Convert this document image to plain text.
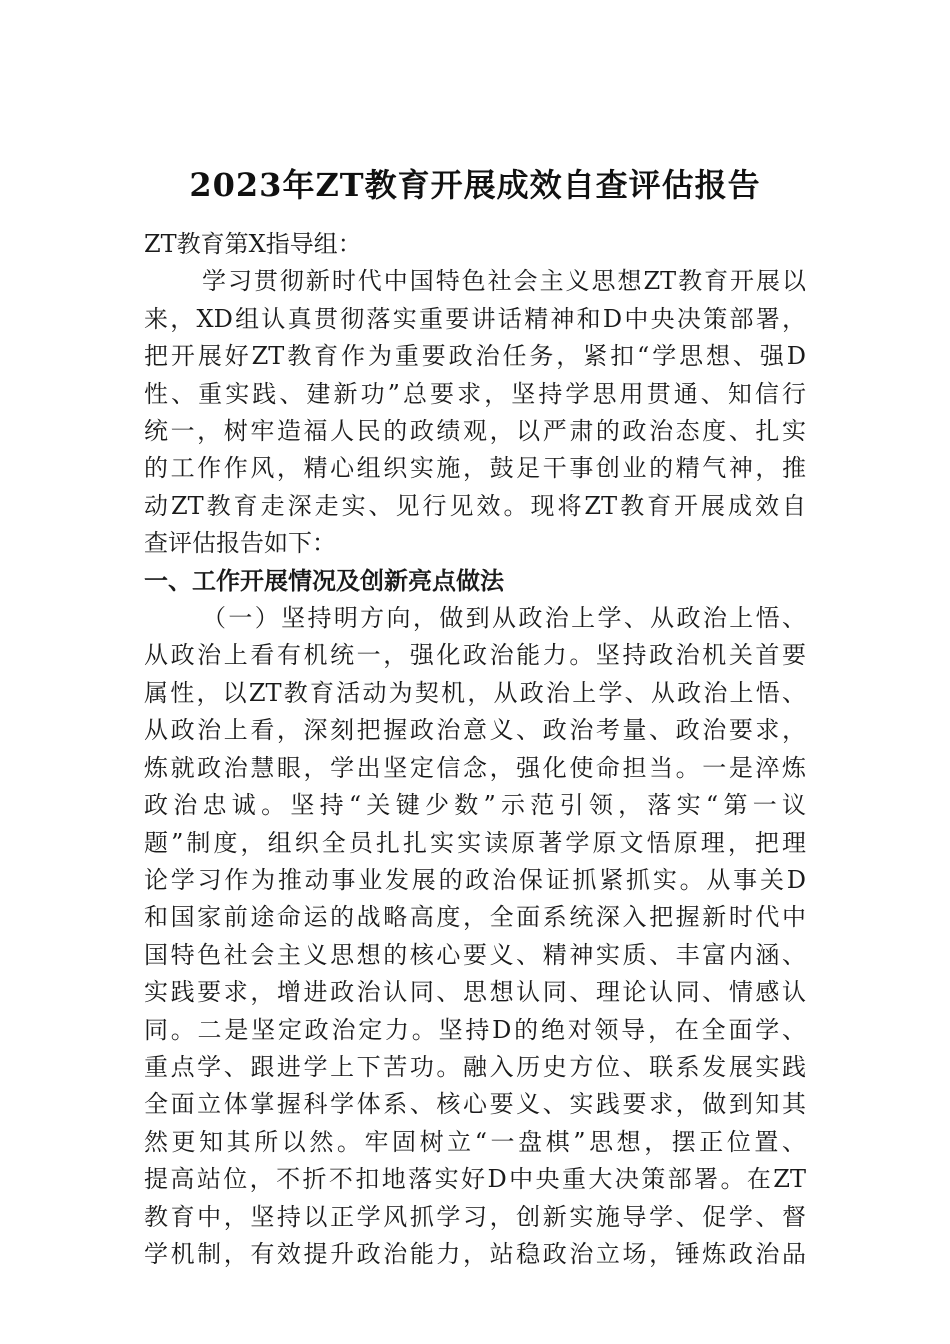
2023年ZT教育开展成效自查评估报告

ZT教育第X指导组：

学习贯彻新时代中国特色社会主义思想ZT教育开展以
来，XD组认真贯彻落实重要讲话精神和D中央决策部署，
把开展好ZT教育作为重要政治任务，紧扣“学思想、强D
性、重实践、建新功”总要求，坚持学思用贯通、知信行
统一，树牢造福人民的政绩观，以严肃的政治态度、扎实
的工作作风，精心组织实施，鼓足干事创业的精气神，推
动ZT教育走深走实、见行见效。现将ZT教育开展成效自
查评估报告如下：

一、工作开展情况及创新亮点做法

（一）坚持明方向，做到从政治上学、从政治上悟、
从政治上看有机统一，强化政治能力。坚持政治机关首要
属性，以ZT教育活动为契机，从政治上学、从政治上悟、
从政治上看，深刻把握政治意义、政治考量、政治要求，
炼就政治慧眼，学出坚定信念，强化使命担当。一是淬炼
政治忠诚。坚持“关键少数”示范引领，落实“第一议
题”制度，组织全员扎扎实实读原著学原文悟原理，把理
论学习作为推动事业发展的政治保证抓紧抓实。从事关D
和国家前途命运的战略高度，全面系统深入把握新时代中
国特色社会主义思想的核心要义、精神实质、丰富内涵、
实践要求，增进政治认同、思想认同、理论认同、情感认
同。二是坚定政治定力。坚持D的绝对领导，在全面学、
重点学、跟进学上下苦功。融入历史方位、联系发展实践
全面立体掌握科学体系、核心要义、实践要求，做到知其
然更知其所以然。牢固树立“一盘棋”思想，摆正位置、
提高站位，不折不扣地落实好D中央重大决策部署。在ZT
教育中，坚持以正学风抓学习，创新实施导学、促学、督
学机制，有效提升政治能力，站稳政治立场，锤炼政治品
